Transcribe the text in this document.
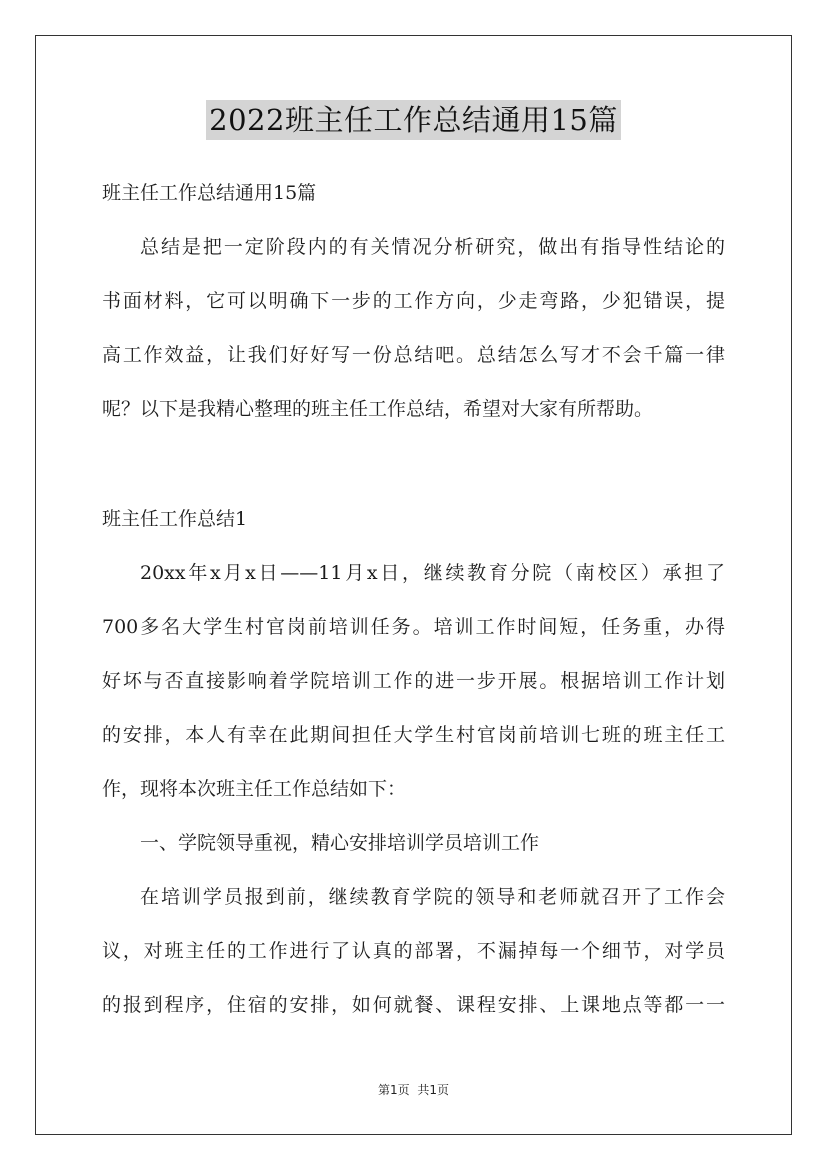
2022班主任工作总结通用15篇
班主任工作总结通用15篇
总结是把一定阶段内的有关情况分析研究，做出有指导性结论的
书面材料，它可以明确下一步的工作方向，少走弯路，少犯错误，提
高工作效益，让我们好好写一份总结吧。总结怎么写才不会千篇一律
呢？以下是我精心整理的班主任工作总结，希望对大家有所帮助。
班主任工作总结1
20xx年x月x日——11月x日，继续教育分院（南校区）承担了
700多名大学生村官岗前培训任务。培训工作时间短，任务重，办得
好坏与否直接影响着学院培训工作的进一步开展。根据培训工作计划
的安排，本人有幸在此期间担任大学生村官岗前培训七班的班主任工
作，现将本次班主任工作总结如下：
一、学院领导重视，精心安排培训学员培训工作
在培训学员报到前，继续教育学院的领导和老师就召开了工作会
议，对班主任的工作进行了认真的部署，不漏掉每一个细节，对学员
的报到程序，住宿的安排，如何就餐、课程安排、上课地点等都一一
第1页 共1页
